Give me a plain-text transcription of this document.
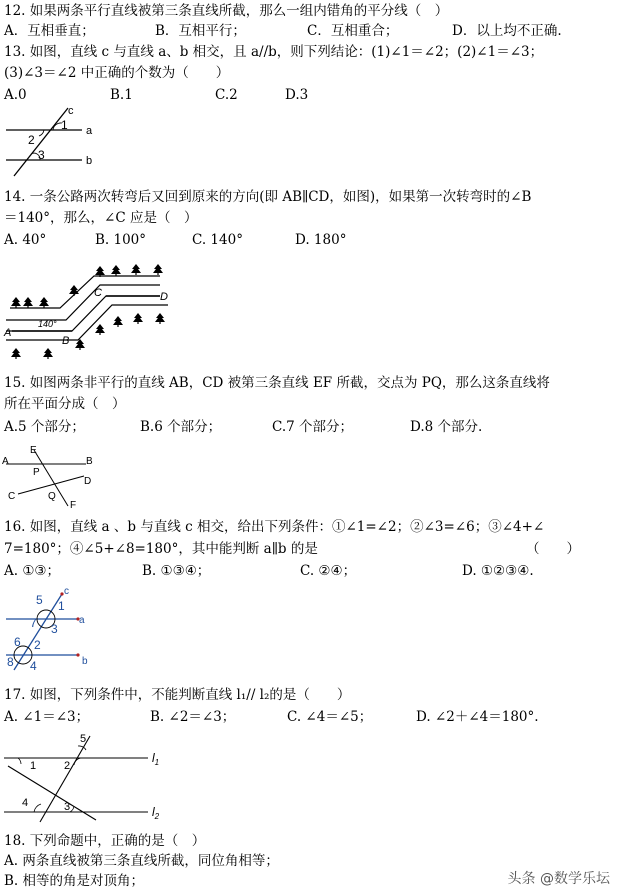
12. 如果两条平行直线被第三条直线所截，那么一组内错角的平分线（　）
A．互相垂直；	B．互相平行；	C．互相重合；	D．以上均不正确.
13. 如图，直线 c 与直线 a、b 相交，且 a//b，则下列结论：(1)∠1＝∠2；(2)∠1＝∠3；
(3)∠3＝∠2 中正确的个数为（　　）
A.0	B.1	C.2	D.3
c
1 a
2
3	b
14. 一条公路两次转弯后又回到原来的方向(即 AB∥CD，如图)，如果第一次转弯时的∠B
＝140°，那么，∠C 应是（　）
A. 40°	B. 100°	C. 140°	D. 180°
A
B
C	D
140°
15. 如图两条非平行的直线 AB，CD 被第三条直线 EF 所截，交点为 PQ，那么这条直线将
所在平面分成（　）
A.5 个部分；	B.6 个部分；	C.7 个部分；	D.8 个部分.
E
A	B
P
D
C	Q
F
16. 如图，直线 a 、b 与直线 c 相交，给出下列条件：①∠1=∠2；②∠3=∠6；③∠4+∠
7=180°；④∠5+∠8=180°，其中能判断 a∥b 的是	（　　）
A. ①③；	B. ①③④；	C. ②④；	D. ①②③④.
c
5 1
a
7 3
6 2
8 4	b
17. 如图，下列条件中，不能判断直线 l₁// l₂的是（　　）
A. ∠1＝∠3；	B. ∠2＝∠3；	C. ∠4＝∠5；	D. ∠2＋∠4＝180°.
5
1	2
$l_1$
4	3	$l_2$
18. 下列命题中，正确的是（　）
A. 两条直线被第三条直线所截，同位角相等；
B. 相等的角是对顶角；	头条 @数学乐坛
